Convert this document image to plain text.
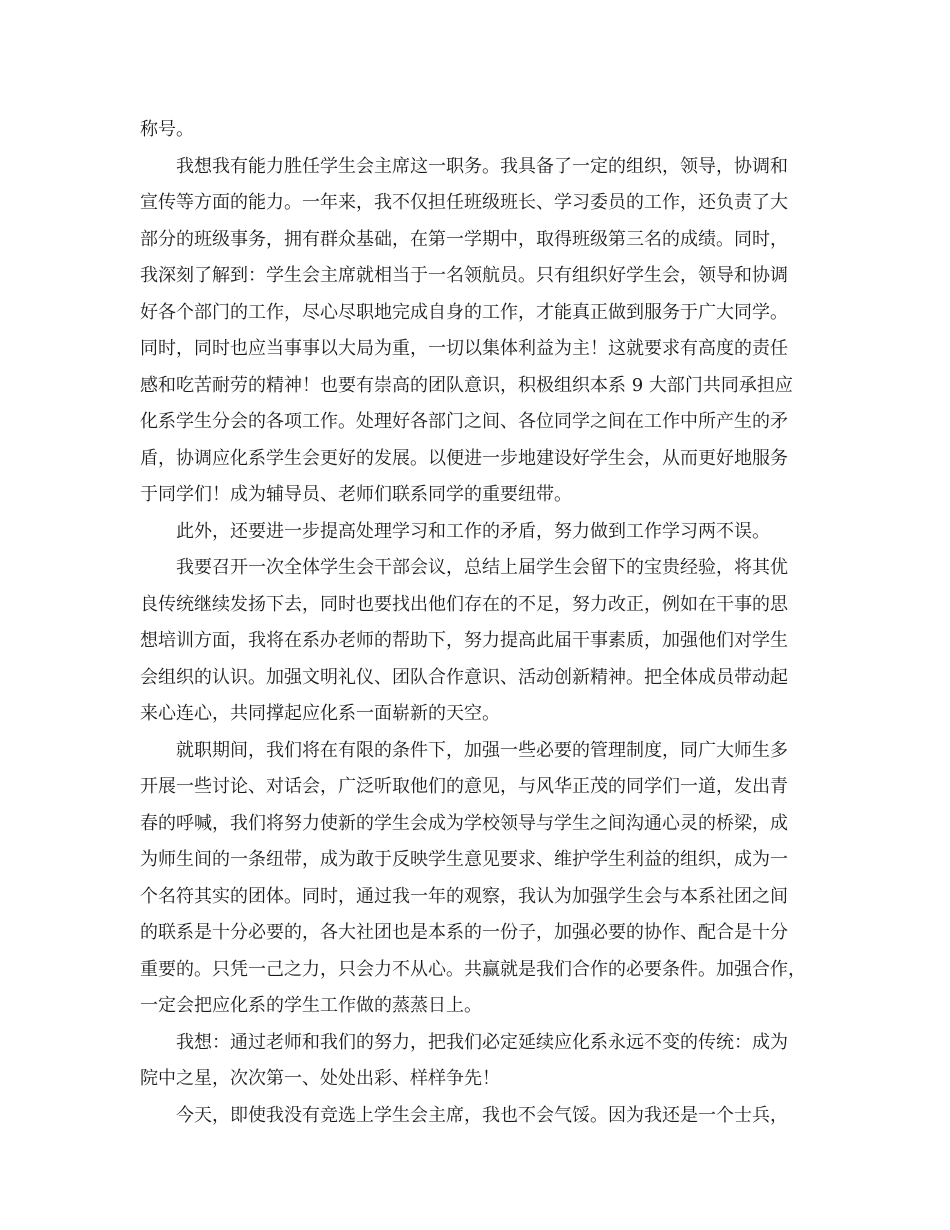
称号。
我想我有能力胜任学生会主席这一职务。我具备了一定的组织，领导，协调和
宣传等方面的能力。一年来，我不仅担任班级班长、学习委员的工作，还负责了大
部分的班级事务，拥有群众基础，在第一学期中，取得班级第三名的成绩。同时，
我深刻了解到：学生会主席就相当于一名领航员。只有组织好学生会，领导和协调
好各个部门的工作，尽心尽职地完成自身的工作，才能真正做到服务于广大同学。
同时，同时也应当事事以大局为重，一切以集体利益为主！这就要求有高度的责任
感和吃苦耐劳的精神！也要有崇高的团队意识，积极组织本系 9 大部门共同承担应
化系学生分会的各项工作。处理好各部门之间、各位同学之间在工作中所产生的矛
盾，协调应化系学生会更好的发展。以便进一步地建设好学生会，从而更好地服务
于同学们！成为辅导员、老师们联系同学的重要纽带。
此外，还要进一步提高处理学习和工作的矛盾，努力做到工作学习两不误。
我要召开一次全体学生会干部会议，总结上届学生会留下的宝贵经验，将其优
良传统继续发扬下去，同时也要找出他们存在的不足，努力改正，例如在干事的思
想培训方面，我将在系办老师的帮助下，努力提高此届干事素质，加强他们对学生
会组织的认识。加强文明礼仪、团队合作意识、活动创新精神。把全体成员带动起
来心连心，共同撑起应化系一面崭新的天空。
就职期间，我们将在有限的条件下，加强一些必要的管理制度，同广大师生多
开展一些讨论、对话会，广泛听取他们的意见，与风华正茂的同学们一道，发出青
春的呼喊，我们将努力使新的学生会成为学校领导与学生之间沟通心灵的桥梁，成
为师生间的一条纽带，成为敢于反映学生意见要求、维护学生利益的组织，成为一
个名符其实的团体。同时，通过我一年的观察，我认为加强学生会与本系社团之间
的联系是十分必要的，各大社团也是本系的一份子，加强必要的协作、配合是十分
重要的。只凭一己之力，只会力不从心。共赢就是我们合作的必要条件。加强合作，
一定会把应化系的学生工作做的蒸蒸日上。
我想：通过老师和我们的努力，把我们必定延续应化系永远不变的传统：成为
院中之星，次次第一、处处出彩、样样争先！
今天，即使我没有竞选上学生会主席，我也不会气馁。因为我还是一个士兵，
